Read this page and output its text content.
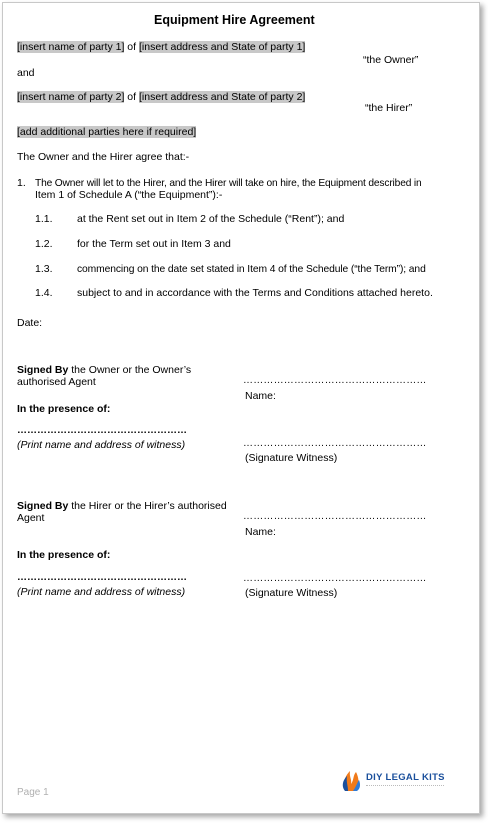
Equipment Hire Agreement
[insert name of party 1] of [insert address and State of party 1]
“the Owner”
and
[insert name of party 2] of [insert address and State of party 2]
“the Hirer”
[add additional parties here if required]
The Owner and the Hirer agree that:-
1. The Owner will let to the Hirer, and the Hirer will take on hire, the Equipment described in
Item 1 of Schedule A (“the Equipment”):-
1.1. at the Rent set out in Item 2 of the Schedule (“Rent”); and
1.2. for the Term set out in Item 3 and
1.3. commencing on the date set stated in Item 4 of the Schedule (“the Term”); and
1.4. subject to and in accordance with the Terms and Conditions attached hereto.
Date:
Signed By the Owner or the Owner’s
authorised Agent	………………………………………………
Name:
In the presence of:
……………………………………………
(Print name and address of witness)	………………………………………………
(Signature Witness)
Signed By the Hirer or the Hirer’s authorised
Agent	………………………………………………
Name:
In the presence of:
……………………………………………
(Print name and address of witness)
………………………………………………
(Signature Witness)
Page 1
DIY LEGAL KITS
